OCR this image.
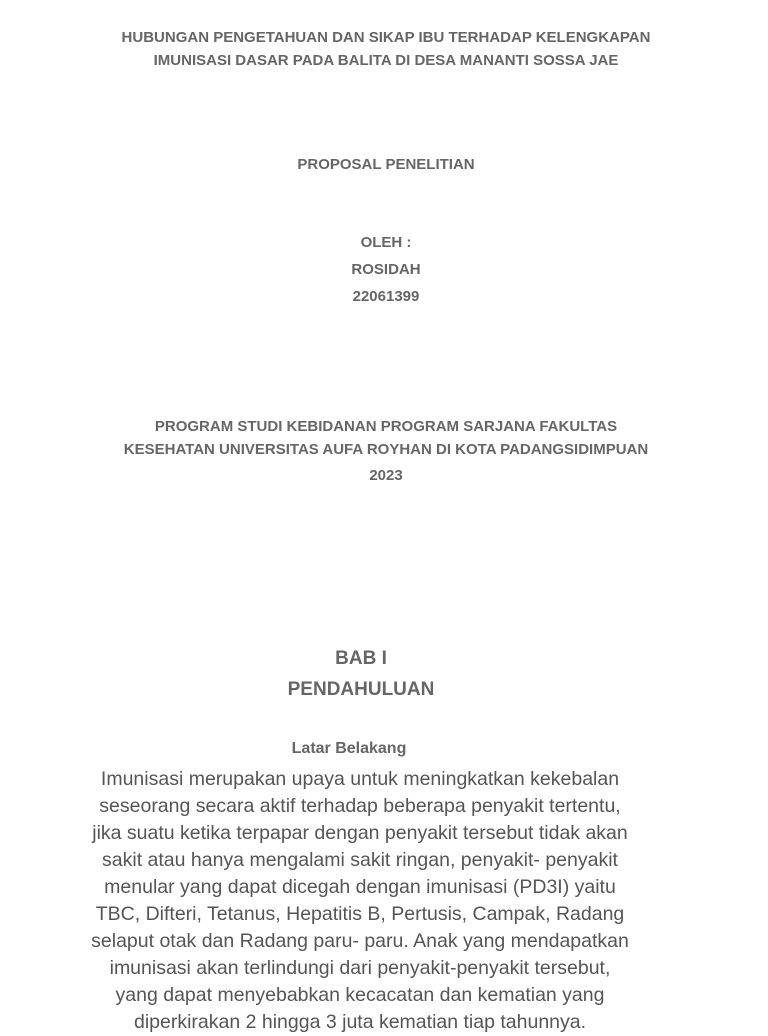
HUBUNGAN PENGETAHUAN DAN SIKAP IBU TERHADAP KELENGKAPAN
IMUNISASI DASAR PADA BALITA DI DESA MANANTI SOSSA JAE
PROPOSAL PENELITIAN
OLEH :
ROSIDAH
22061399
PROGRAM STUDI KEBIDANAN PROGRAM SARJANA FAKULTAS
KESEHATAN UNIVERSITAS AUFA ROYHAN DI KOTA PADANGSIDIMPUAN
2023
BAB I
PENDAHULUAN
Latar Belakang
Imunisasi merupakan upaya untuk meningkatkan kekebalan
seseorang secara aktif terhadap beberapa penyakit tertentu,
jika suatu ketika terpapar dengan penyakit tersebut tidak akan
sakit atau hanya mengalami sakit ringan, penyakit- penyakit
menular yang dapat dicegah dengan imunisasi (PD3I) yaitu
TBC, Difteri, Tetanus, Hepatitis B, Pertusis, Campak, Radang
selaput otak dan Radang paru- paru. Anak yang mendapatkan
imunisasi akan terlindungi dari penyakit-penyakit tersebut,
yang dapat menyebabkan kecacatan dan kematian yang
diperkirakan 2 hingga 3 juta kematian tiap tahunnya.
